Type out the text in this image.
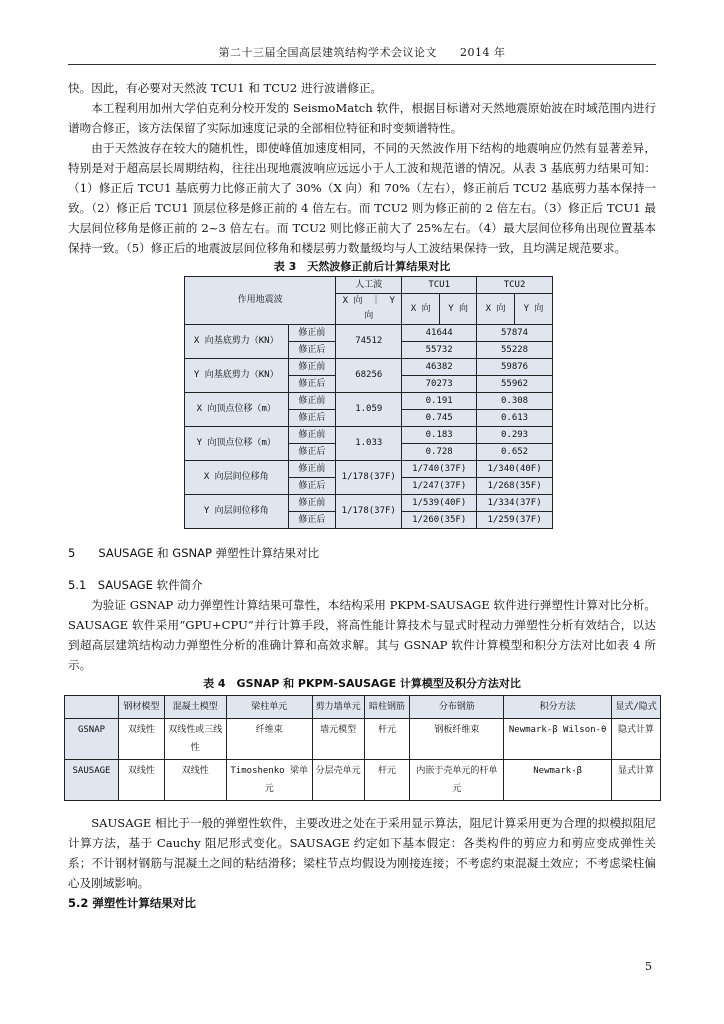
第二十三届全国高层建筑结构学术会议论文　　2014 年

快。因此，有必要对天然波 TCU1 和 TCU2 进行波谱修正。

本工程利用加州大学伯克利分校开发的 SeismoMatch 软件，根据目标谱对天然地震原始波在时域范围内进行谱吻合修正，该方法保留了实际加速度记录的全部相位特征和时变频谱特性。

由于天然波存在较大的随机性，即使峰值加速度相同，不同的天然波作用下结构的地震响应仍然有显著差异，特别是对于超高层长周期结构，往往出现地震波响应远远小于人工波和规范谱的情况。从表 3 基底剪力结果可知：（1）修正后 TCU1 基底剪力比修正前大了 30%（X 向）和 70%（左右），修正前后 TCU2 基底剪力基本保持一致。（2）修正后 TCU1 顶层位移是修正前的 4 倍左右。而 TCU2 则为修正前的 2 倍左右。（3）修正后 TCU1 最大层间位移角是修正前的 2~3 倍左右。而 TCU2 则比修正前大了 25%左右。（4）最大层间位移角出现位置基本保持一致。（5）修正后的地震波层间位移角和楼层剪力数量级均与人工波结果保持一致，且均满足规范要求。

表 3　天然波修正前后计算结果对比
作用地震波		人工波	TCU1		TCU2	
		X 向　｜　Y 向	X 向	Y 向	X 向	Y 向
X 向基底剪力（KN）	修正前	74512	41644		57874	
	修正后		55732		55228	
Y 向基底剪力（KN）	修正前	68256	46382		59876	
	修正后		70273		55962	
X 向顶点位移（m）	修正前	1.059	0.191		0.308	
	修正后		0.745		0.613	
Y 向顶点位移（m）	修正前	1.033	0.183		0.293	
	修正后		0.728		0.652	
X 向层间位移角	修正前	1/178(37F)	1/740(37F)		1/340(40F)	
	修正后		1/247(37F)		1/268(35F)	
Y 向层间位移角	修正前	1/178(37F)	1/539(40F)		1/334(37F)	
	修正后		1/260(35F)		1/259(37F)	

5　　 SAUSAGE 和 GSNAP 弹塑性计算结果对比

5.1　 SAUSAGE 软件简介

为验证 GSNAP 动力弹塑性计算结果可靠性，本结构采用 PKPM-SAUSAGE 软件进行弹塑性计算对比分析。SAUSAGE 软件采用“GPU+CPU”并行计算手段，将高性能计算技术与显式时程动力弹塑性分析有效结合，以达到超高层建筑结构动力弹塑性分析的准确计算和高效求解。其与 GSNAP 软件计算模型和积分方法对比如表 4 所示。

表 4　GSNAP 和 PKPM-SAUSAGE 计算模型及积分方法对比
	钢材模型	混凝土模型	梁柱单元	剪力墙单元	暗柱钢筋	分布钢筋	积分方法	显式/隐式
GSNAP	双线性	双线性或三线性	纤维束	墙元模型	杆元	钢板纤维束	Newmark-β Wilson-θ	隐式计算
SAUSAGE	双线性	双线性	Timoshenko 梁单元	分层壳单元	杆元	内嵌于壳单元的杆单元	Newmark-β	显式计算

SAUSAGE 相比于一般的弹塑性软件，主要改进之处在于采用显示算法，阻尼计算采用更为合理的拟模拟阻尼计算方法，基于 Cauchy 阻尼形式变化。SAUSAGE 约定如下基本假定：各类构件的剪应力和剪应变成弹性关系；不计钢材钢筋与混凝土之间的粘结滑移；梁柱节点均假设为刚接连接；不考虑约束混凝土效应；不考虑梁柱偏心及刚域影响。

5.2 弹塑性计算结果对比

5
